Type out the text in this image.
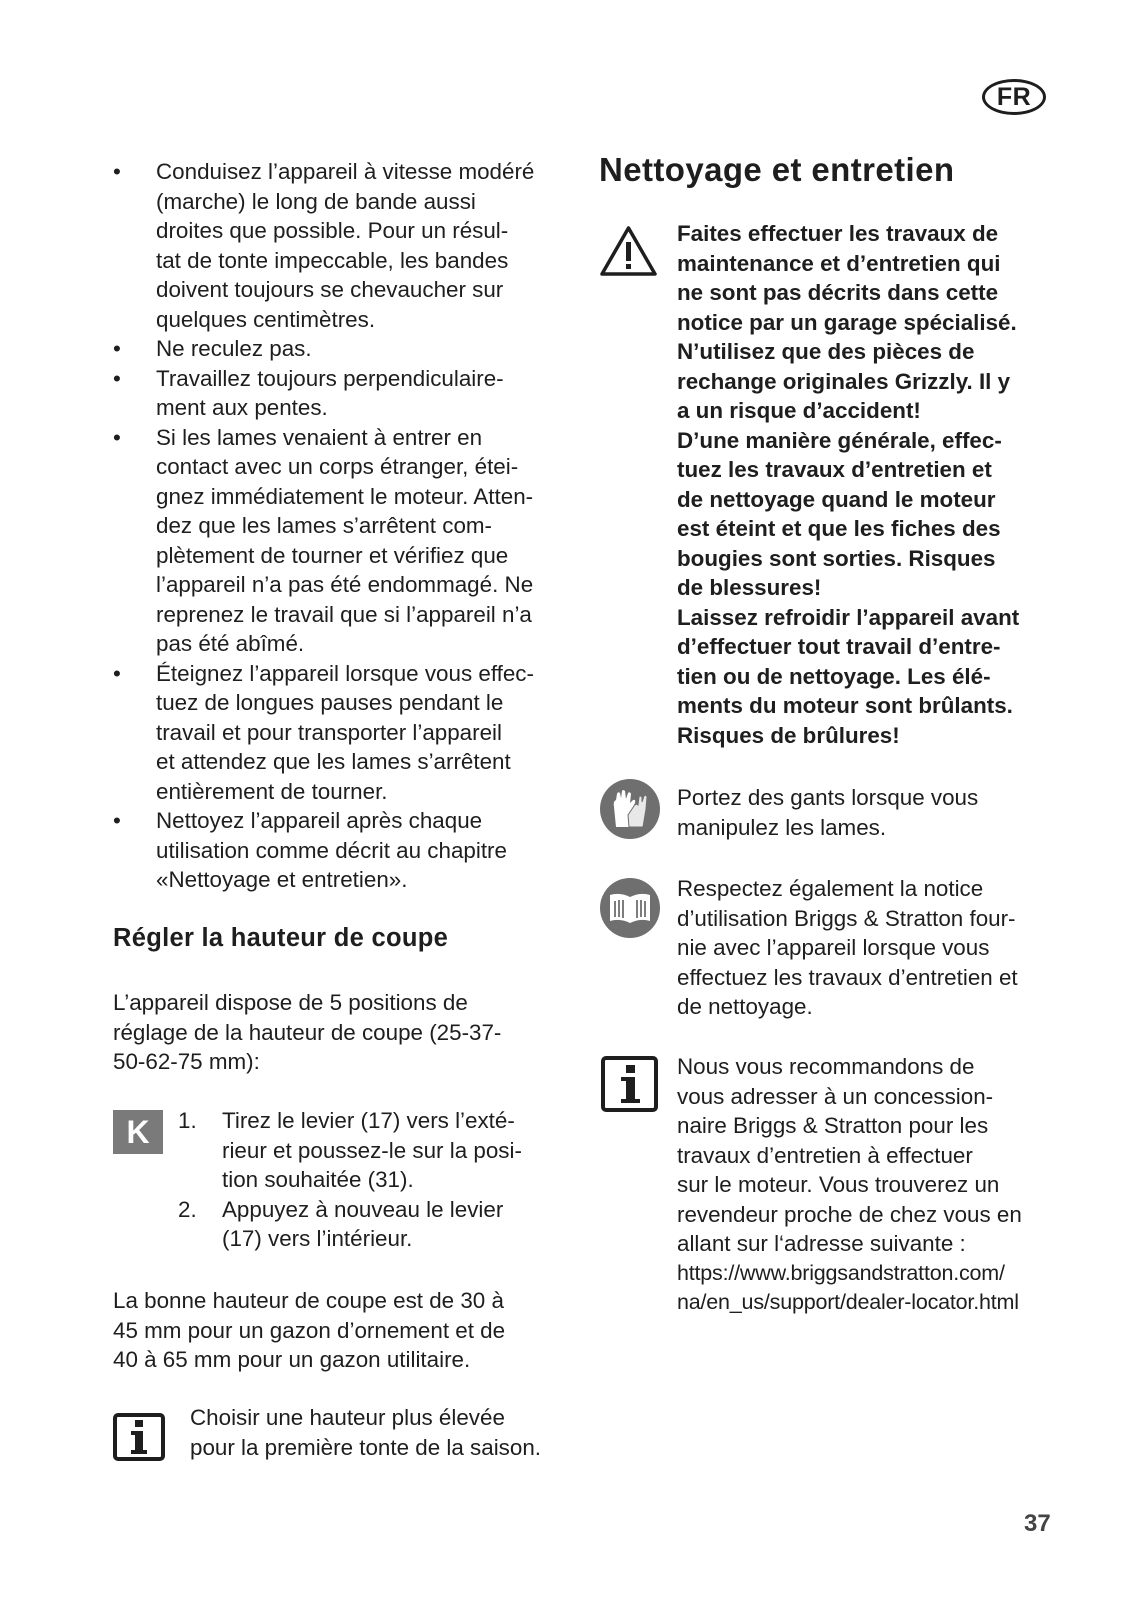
FR
•	Conduisez l’appareil à vitesse modéré
(marche) le long de bande aussi
droites que possible. Pour un résul-
tat de tonte impeccable, les bandes
doivent toujours se chevaucher sur
quelques centimètres.
•	Ne reculez pas.
•	Travaillez toujours perpendiculaire-
ment aux pentes.
•	Si les lames venaient à entrer en
contact avec un corps étranger, étei-
gnez immédiatement le moteur. Atten-
dez que les lames s’arrêtent com-
plètement de tourner et vérifiez que
l’appareil n’a pas été endommagé. Ne
reprenez le travail que si l’appareil n’a
pas été abîmé.
•	Éteignez l’appareil lorsque vous effec-
tuez de longues pauses pendant le
travail et pour transporter l’appareil
et attendez que les lames s’arrêtent
entièrement de tourner.
•	Nettoyez l’appareil après chaque
utilisation comme décrit au chapitre
«Nettoyage et entretien».
Régler la hauteur de coupe
L’appareil dispose de 5 positions de
réglage de la hauteur de coupe (25-37-
50-62-75 mm):
K 1. Tirez le levier (17) vers l’exté-
rieur et poussez-le sur la posi-
tion souhaitée (31).
2. Appuyez à nouveau le levier
(17) vers l’intérieur.
La bonne hauteur de coupe est de 30 à
45 mm pour un gazon d’ornement et de
40 à 65 mm pour un gazon utilitaire.
Choisir une hauteur plus élevée
pour la première tonte de la saison.
Nettoyage et entretien
Faites effectuer les travaux de
maintenance et d’entretien qui
ne sont pas décrits dans cette
notice par un garage spécialisé.
N’utilisez que des pièces de
rechange originales Grizzly. Il y
a un risque d’accident!
D’une manière générale, effec-
tuez les travaux d’entretien et
de nettoyage quand le moteur
est éteint et que les fiches des
bougies sont sorties. Risques
de blessures!
Laissez refroidir l’appareil avant
d’effectuer tout travail d’entre-
tien ou de nettoyage. Les élé-
ments du moteur sont brûlants.
Risques de brûlures!
Portez des gants lorsque vous
manipulez les lames.
Respectez également la notice
d’utilisation Briggs & Stratton four-
nie avec l’appareil lorsque vous
effectuez les travaux d’entretien et
de nettoyage.
Nous vous recommandons de
vous adresser à un concession-
naire Briggs & Stratton pour les
travaux d’entretien à effectuer
sur le moteur. Vous trouverez un
revendeur proche de chez vous en
allant sur l‘adresse suivante :
https://www.briggsandstratton.com/
na/en_us/support/dealer-locator.html
37
